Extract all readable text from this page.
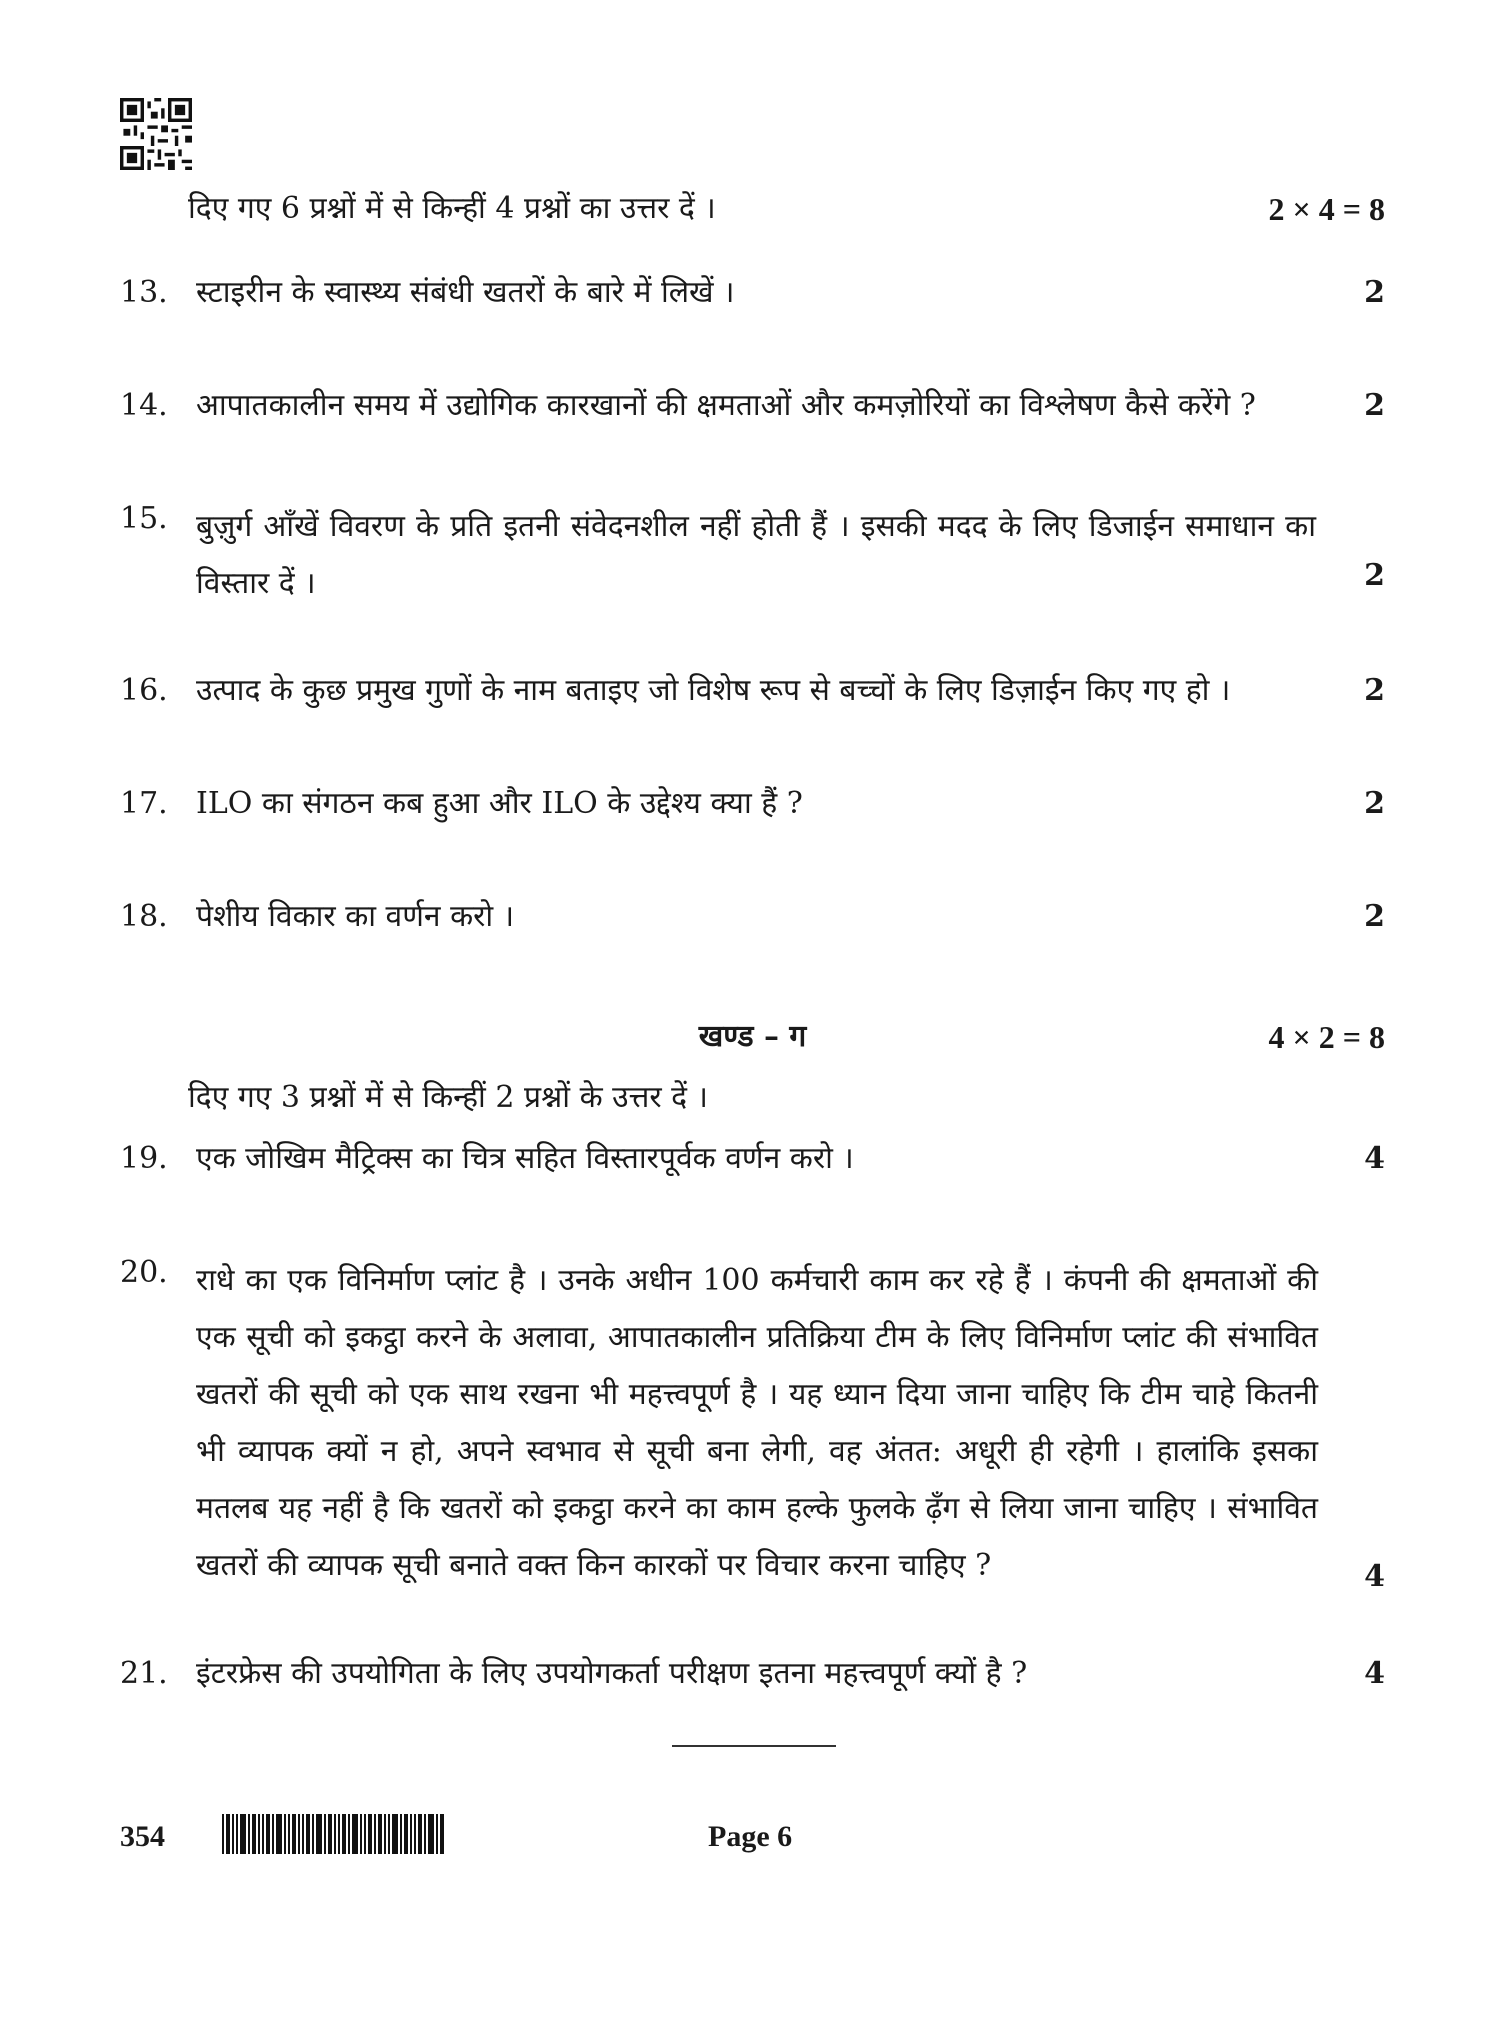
दिए गए 6 प्रश्नों में से किन्हीं 4 प्रश्नों का उत्तर दें ।	2 × 4 = 8
13. स्टाइरीन के स्वास्थ्य संबंधी खतरों के बारे में लिखें ।	2
14. आपातकालीन समय में उद्योगिक कारखानों की क्षमताओं और कमज़ोरियों का विश्लेषण कैसे करेंगे ?	2
15. बुज़ुर्ग आँखें विवरण के प्रति इतनी संवेदनशील नहीं होती हैं । इसकी मदद के लिए डिजाईन समाधान का विस्तार दें ।	2
16. उत्पाद के कुछ प्रमुख गुणों के नाम बताइए जो विशेष रूप से बच्चों के लिए डिज़ाईन किए गए हो ।	2
17. ILO का संगठन कब हुआ और ILO के उद्देश्य क्या हैं ?	2
18. पेशीय विकार का वर्णन करो ।	2
खण्ड – ग	4 × 2 = 8
दिए गए 3 प्रश्नों में से किन्हीं 2 प्रश्नों के उत्तर दें ।
19. एक जोखिम मैट्रिक्स का चित्र सहित विस्तारपूर्वक वर्णन करो ।	4
20. राधे का एक विनिर्माण प्लांट है । उनके अधीन 100 कर्मचारी काम कर रहे हैं । कंपनी की क्षमताओं की एक सूची को इकट्ठा करने के अलावा, आपातकालीन प्रतिक्रिया टीम के लिए विनिर्माण प्लांट की संभावित खतरों की सूची को एक साथ रखना भी महत्त्वपूर्ण है । यह ध्यान दिया जाना चाहिए कि टीम चाहे कितनी भी व्यापक क्यों न हो, अपने स्वभाव से सूची बना लेगी, वह अंतत: अधूरी ही रहेगी । हालांकि इसका मतलब यह नहीं है कि खतरों को इकट्ठा करने का काम हल्के फुलके ढ़ँग से लिया जाना चाहिए । संभावित खतरों की व्यापक सूची बनाते वक्त किन कारकों पर विचार करना चाहिए ?	4
21. इंटरफ्रेस की उपयोगिता के लिए उपयोगकर्ता परीक्षण इतना महत्त्वपूर्ण क्यों है ?	4
354	Page 6
